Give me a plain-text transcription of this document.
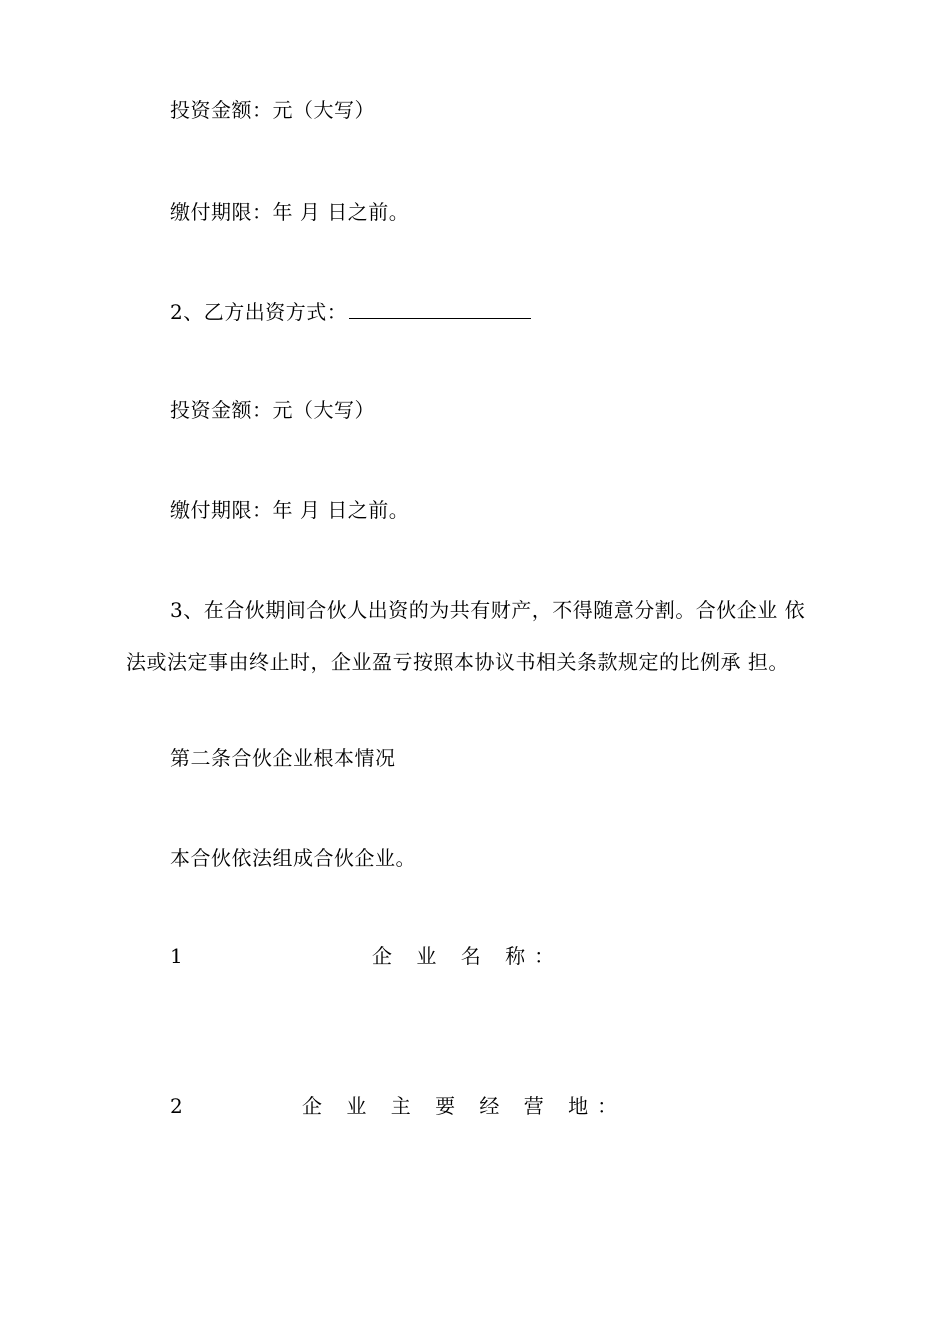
投资金额：元（大写）
缴付期限：年 月 日之前。
2、乙方出资方式：
投资金额：元（大写）
缴付期限：年 月 日之前。
3、在合伙期间合伙人出资的为共有财产，不得随意分割。合伙企业 依
法或法定事由终止时，企业盈亏按照本协议书相关条款规定的比例承 担。
第二条合伙企业根本情况
本合伙依法组成合伙企业。
1	企 业 名 称：
2	企 业 主 要 经 营 地：
